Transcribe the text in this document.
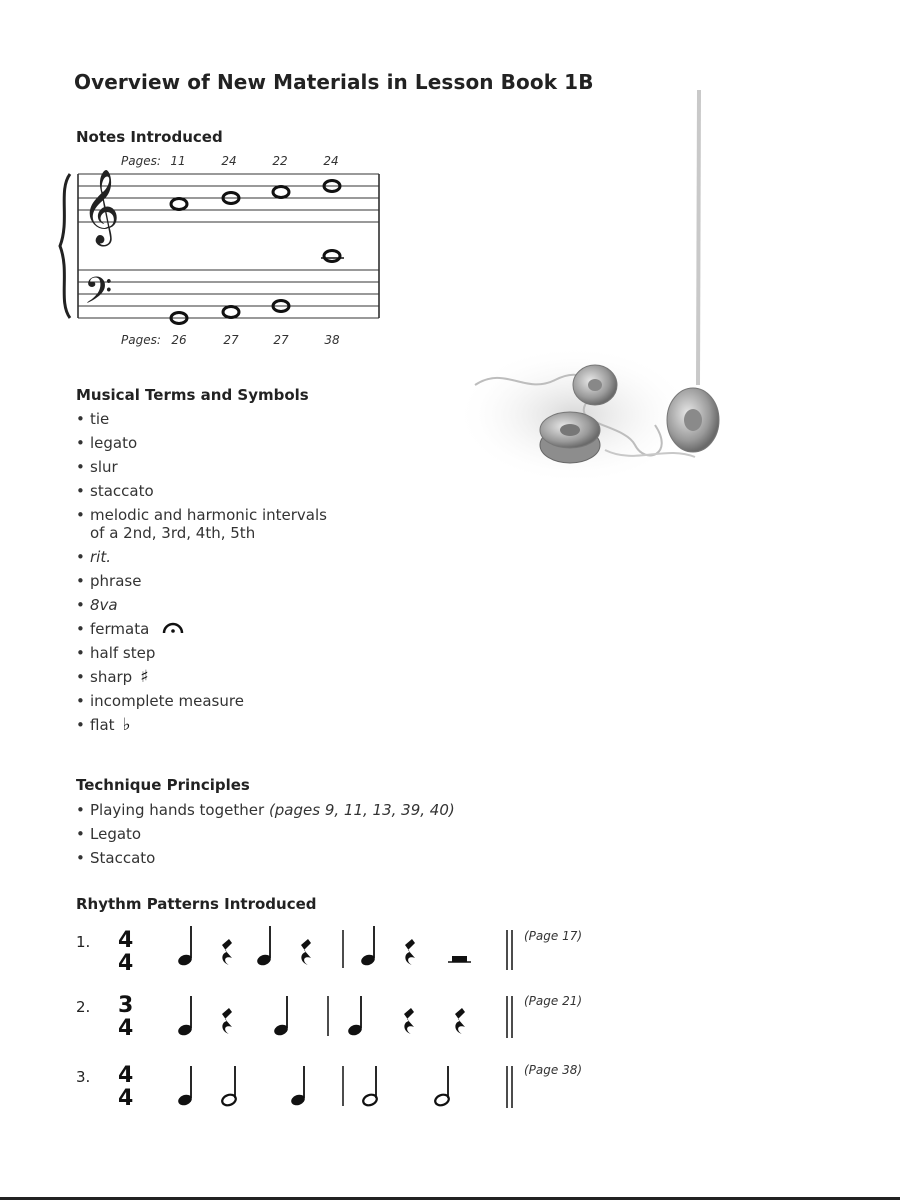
Overview of New Materials in Lesson Book 1B
Notes Introduced
Pages: 11	24	22	24
𝄞
𝄢
Pages: 26	27	27	38
Musical Terms and Symbols
• tie
• legato
• slur
• staccato
• melodic and harmonic intervals
of a 2nd, 3rd, 4th, 5th
• rit.
• phrase
• 8va
• fermata
• half step
• sharp ♯
• incomplete measure
• flat ♭
Technique Principles
• Playing hands together (pages 9, 11, 13, 39, 40)
• Legato
• Staccato
Rhythm Patterns Introduced
1. 4
4
(Page 17)
2. 3
4
(Page 21)
3. 4
4
(Page 38)
